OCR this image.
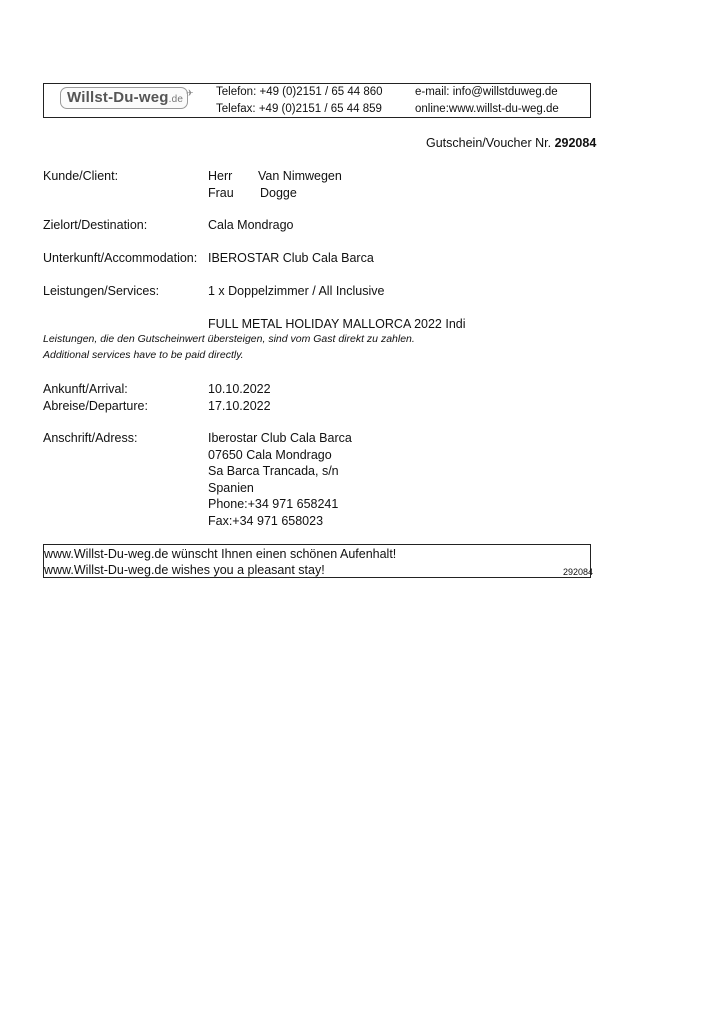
Willst-Du-weg.de
✈ Telefon: +49 (0)2151 / 65 44 860
Telefax: +49 (0)2151 / 65 44 859
e-mail: info@willstduweg.de
online:www.willst-du-weg.de
Gutschein/Voucher Nr. 292084
Kunde/Client:	Herr Van Nimwegen
Frau Dogge
Zielort/Destination:	Cala Mondrago
Unterkunft/Accommodation: IBEROSTAR Club Cala Barca
Leistungen/Services:	1 x Doppelzimmer / All Inclusive
FULL METAL HOLIDAY MALLORCA 2022 Indi
Leistungen, die den Gutscheinwert übersteigen, sind vom Gast direkt zu zahlen.
Additional services have to be paid directly.
Ankunft/Arrival:	10.10.2022
Abreise/Departure:	17.10.2022
Anschrift/Adress:	Iberostar Club Cala Barca
07650 Cala Mondrago
Sa Barca Trancada, s/n
Spanien
Phone:+34 971 658241
Fax:+34 971 658023
www.Willst-Du-weg.de wünscht Ihnen einen schönen Aufenhalt!
www.Willst-Du-weg.de wishes you a pleasant stay!	292084
